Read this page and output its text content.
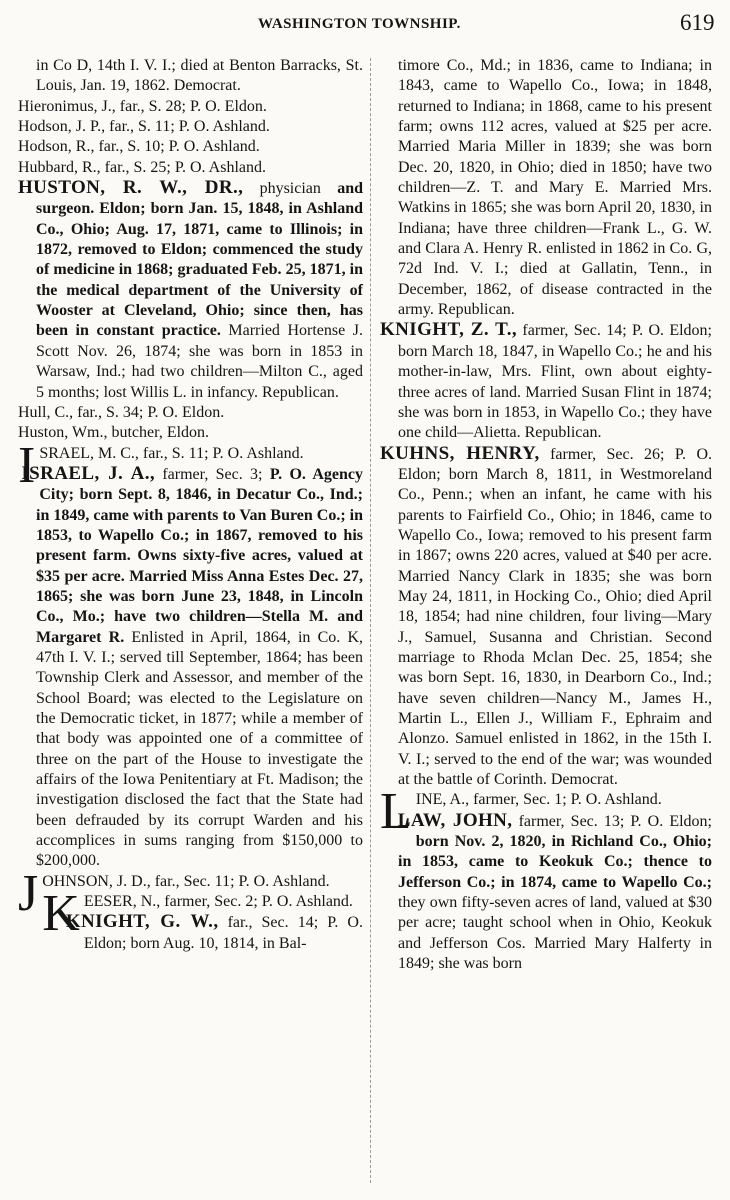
WASHINGTON TOWNSHIP.	619

in Co D, 14th I. V. I.; died at Benton Barracks, St. Louis, Jan. 19, 1862. Democrat.

Hieronimus, J., far., S. 28; P. O. Eldon.

Hodson, J. P., far., S. 11; P. O. Ashland.

Hodson, R., far., S. 10; P. O. Ashland.

Hubbard, R., far., S. 25; P. O. Ashland.

HUSTON, R. W., DR., physician and surgeon. Eldon; born Jan. 15, 1848, in Ashland Co., Ohio; Aug. 17, 1871, came to Illinois; in 1872, removed to Eldon; commenced the study of medicine in 1868; graduated Feb. 25, 1871, in the medical department of the University of Wooster at Cleveland, Ohio; since then, has been in constant practice. Married Hortense J. Scott Nov. 26, 1874; she was born in 1853 in Warsaw, Ind.; had two children—Milton C., aged 5 months; lost Willis L. in infancy. Republican.

Hull, C., far., S. 34; P. O. Eldon.

Huston, Wm., butcher, Eldon.

ISRAEL, M. C., far., S. 11; P. O. Ashland.

ISRAEL, J. A., farmer, Sec. 3; P. O. Agency City; born Sept. 8, 1846, in Decatur Co., Ind.; in 1849, came with parents to Van Buren Co.; in 1853, to Wapello Co.; in 1867, removed to his present farm. Owns sixty-five acres, valued at $35 per acre. Married Miss Anna Estes Dec. 27, 1865; she was born June 23, 1848, in Lincoln Co., Mo.; have two children—Stella M. and Margaret R. Enlisted in April, 1864, in Co. K, 47th I. V. I.; served till September, 1864; has been Township Clerk and Assessor, and member of the School Board; was elected to the Legislature on the Democratic ticket, in 1877; while a member of that body was appointed one of a committee of three on the part of the House to investigate the affairs of the Iowa Penitentiary at Ft. Madison; the investigation disclosed the fact that the State had been defrauded by its corrupt Warden and his accomplices in sums ranging from $150,000 to $200,000.

JOHNSON, J. D., far., Sec. 11; P. O. Ashland.

KEESER, N., farmer, Sec. 2; P. O. Ashland.

KNIGHT, G. W., far., Sec. 14; P. O. Eldon; born Aug. 10, 1814, in Bal-

timore Co., Md.; in 1836, came to Indiana; in 1843, came to Wapello Co., Iowa; in 1848, returned to Indiana; in 1868, came to his present farm; owns 112 acres, valued at $25 per acre. Married Maria Miller in 1839; she was born Dec. 20, 1820, in Ohio; died in 1850; have two children—Z. T. and Mary E. Married Mrs. Watkins in 1865; she was born April 20, 1830, in Indiana; have three children—Frank L., G. W. and Clara A. Henry R. enlisted in 1862 in Co. G, 72d Ind. V. I.; died at Gallatin, Tenn., in December, 1862, of disease contracted in the army. Republican.

KNIGHT, Z. T., farmer, Sec. 14; P. O. Eldon; born March 18, 1847, in Wapello Co.; he and his mother-in-law, Mrs. Flint, own about eighty-three acres of land. Married Susan Flint in 1874; she was born in 1853, in Wapello Co.; they have one child—Alietta. Republican.

KUHNS, HENRY, farmer, Sec. 26; P. O. Eldon; born March 8, 1811, in Westmoreland Co., Penn.; when an infant, he came with his parents to Fairfield Co., Ohio; in 1846, came to Wapello Co., Iowa; removed to his present farm in 1867; owns 220 acres, valued at $40 per acre. Married Nancy Clark in 1835; she was born May 24, 1811, in Hocking Co., Ohio; died April 18, 1854; had nine children, four living—Mary J., Samuel, Susanna and Christian. Second marriage to Rhoda Mclan Dec. 25, 1854; she was born Sept. 16, 1830, in Dearborn Co., Ind.; have seven children—Nancy M., James H., Martin L., Ellen J., William F., Ephraim and Alonzo. Samuel enlisted in 1862, in the 15th I. V. I.; served to the end of the war; was wounded at the battle of Corinth. Democrat.

LINE, A., farmer, Sec. 1; P. O. Ashland.

LAW, JOHN, farmer, Sec. 13; P. O. Eldon; born Nov. 2, 1820, in Richland Co., Ohio; in 1853, came to Keokuk Co.; thence to Jefferson Co.; in 1874, came to Wapello Co.; they own fifty-seven acres of land, valued at $30 per acre; taught school when in Ohio, Keokuk and Jefferson Cos. Married Mary Halferty in 1849; she was born
